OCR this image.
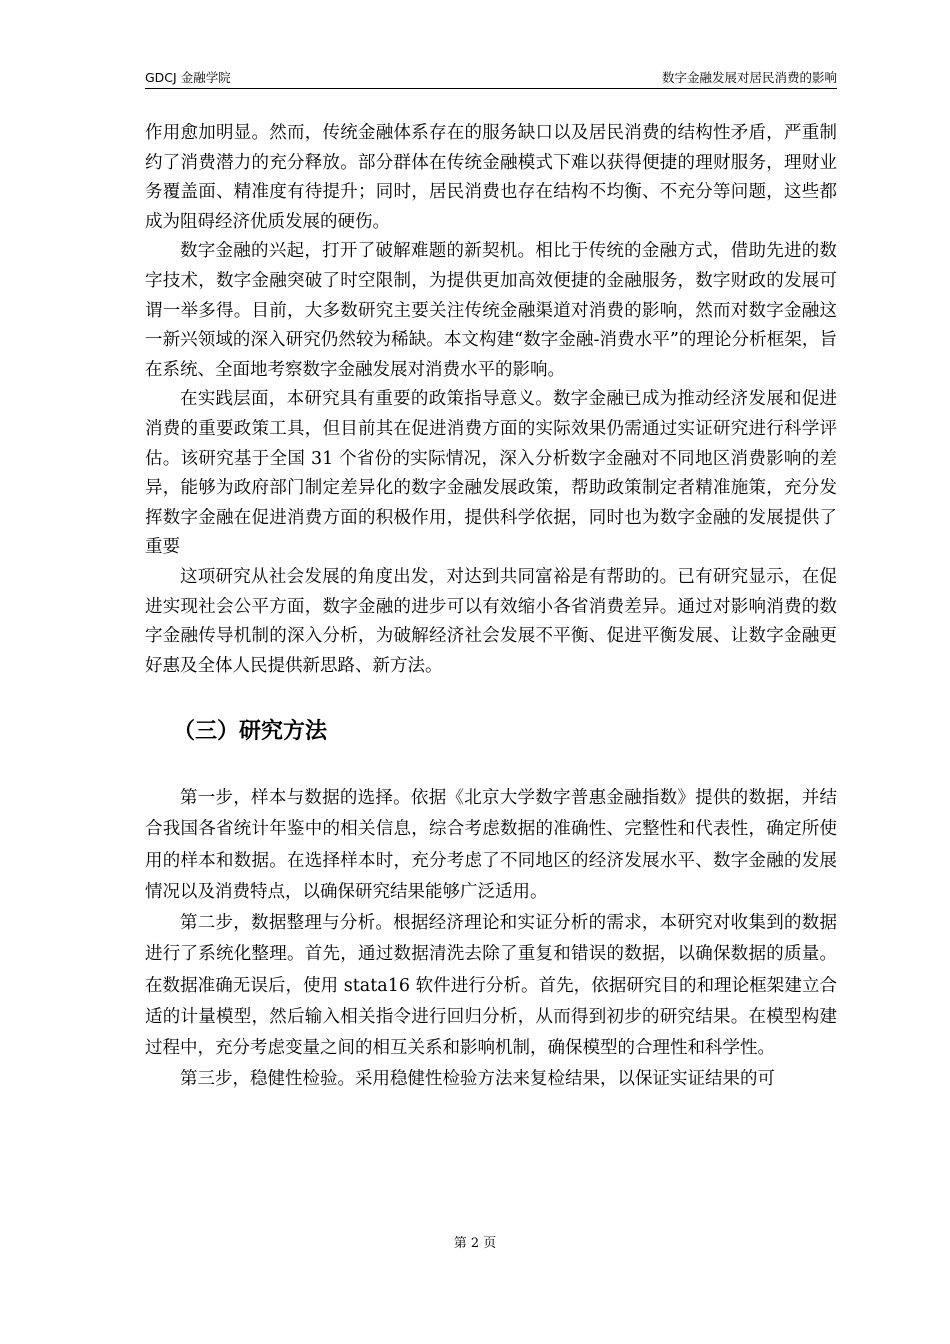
GDCJ 金融学院	数字金融发展对居民消费的影响

作用愈加明显。然而，传统金融体系存在的服务缺口以及居民消费的结构性矛盾，严重制约了消费潜力的充分释放。部分群体在传统金融模式下难以获得便捷的理财服务，理财业务覆盖面、精准度有待提升；同时，居民消费也存在结构不均衡、不充分等问题，这些都成为阻碍经济优质发展的硬伤。

数字金融的兴起，打开了破解难题的新契机。相比于传统的金融方式，借助先进的数字技术，数字金融突破了时空限制，为提供更加高效便捷的金融服务，数字财政的发展可谓一举多得。目前，大多数研究主要关注传统金融渠道对消费的影响，然而对数字金融这一新兴领域的深入研究仍然较为稀缺。本文构建“数字金融-消费水平”的理论分析框架，旨在系统、全面地考察数字金融发展对消费水平的影响。

在实践层面，本研究具有重要的政策指导意义。数字金融已成为推动经济发展和促进消费的重要政策工具，但目前其在促进消费方面的实际效果仍需通过实证研究进行科学评估。该研究基于全国 31 个省份的实际情况，深入分析数字金融对不同地区消费影响的差异，能够为政府部门制定差异化的数字金融发展政策，帮助政策制定者精准施策，充分发挥数字金融在促进消费方面的积极作用，提供科学依据，同时也为数字金融的发展提供了重要

这项研究从社会发展的角度出发，对达到共同富裕是有帮助的。已有研究显示，在促进实现社会公平方面，数字金融的进步可以有效缩小各省消费差异。通过对影响消费的数字金融传导机制的深入分析，为破解经济社会发展不平衡、促进平衡发展、让数字金融更好惠及全体人民提供新思路、新方法。

（三）研究方法

第一步，样本与数据的选择。依据《北京大学数字普惠金融指数》提供的数据，并结合我国各省统计年鉴中的相关信息，综合考虑数据的准确性、完整性和代表性，确定所使用的样本和数据。在选择样本时，充分考虑了不同地区的经济发展水平、数字金融的发展情况以及消费特点，以确保研究结果能够广泛适用。

第二步，数据整理与分析。根据经济理论和实证分析的需求，本研究对收集到的数据进行了系统化整理。首先，通过数据清洗去除了重复和错误的数据，以确保数据的质量。在数据准确无误后，使用 stata16 软件进行分析。首先，依据研究目的和理论框架建立合适的计量模型，然后输入相关指令进行回归分析，从而得到初步的研究结果。在模型构建过程中，充分考虑变量之间的相互关系和影响机制，确保模型的合理性和科学性。

第三步，稳健性检验。采用稳健性检验方法来复检结果，以保证实证结果的可

第 2 页
